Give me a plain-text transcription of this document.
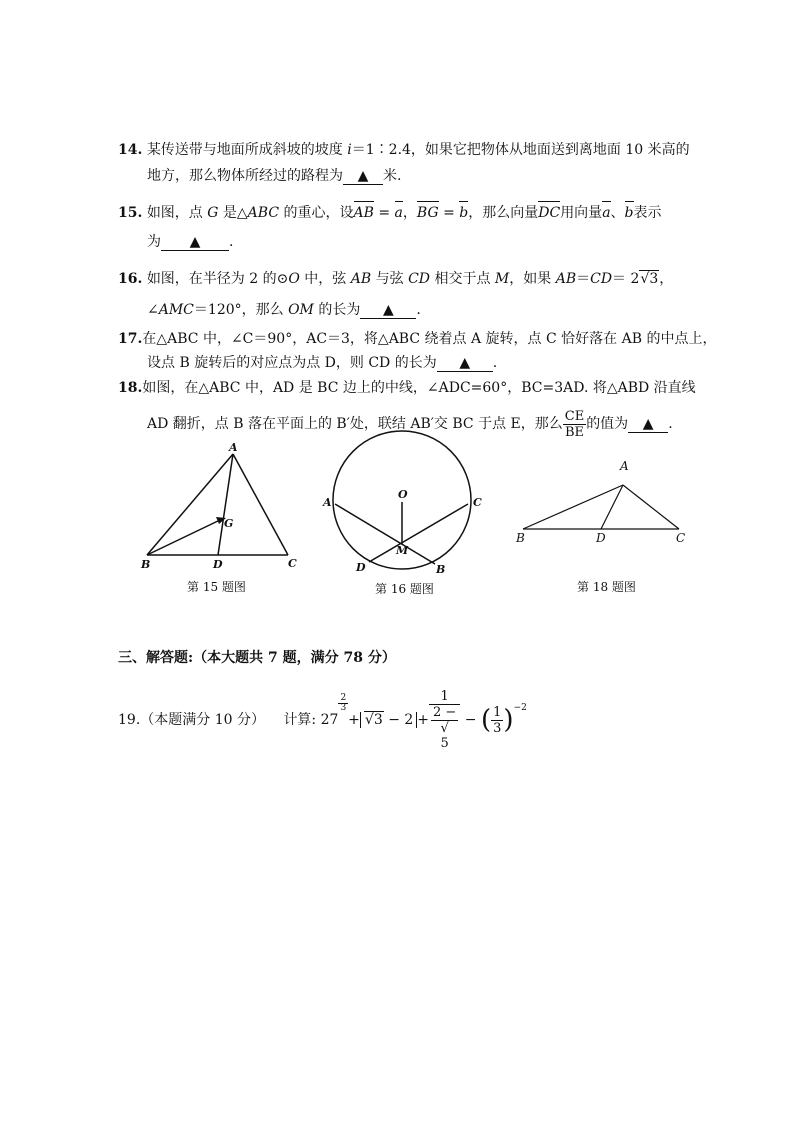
14. 某传送带与地面所成斜坡的坡度 i＝1∶2.4，如果它把物体从地面送到离地面 10 米高的
地方，那么物体所经过的路程为 ▲ 米.
15. 如图，点 G 是△ABC 的重心，设AB = a，BG = b，那么向量DC用向量a、b表示
为 ▲ .
16. 如图，在半径为 2 的⊙O 中，弦 AB 与弦 CD 相交于点 M，如果 AB＝CD＝ 2√3，
∠AMC＝120°，那么 OM 的长为 ▲ .
17.在△ABC 中，∠C＝90°，AC＝3，将△ABC 绕着点 A 旋转，点 C 恰好落在 AB 的中点上，
设点 B 旋转后的对应点为点 D，则 CD 的长为 ▲ .
18.如图，在△ABC 中，AD 是 BC 边上的中线，∠ADC=60°，BC=3AD. 将△ABD 沿直线
AD 翻折，点 B 落在平面上的 B′处，联结 AB′交 BC 于点 E，那么 $\frac{CE}{BE}$ 的值为 ▲ .
A
B	C
D
G
第 15 题图
A	C
O
M
D	B
第 16 题图
A
B	D	C
第 18 题图
三、解答题:（本大题共 7 题，满分 78 分）
19.（本题满分 10 分） 计算: 27
$\frac{2}{3}$
+ √3 − 2 + 1
2 −
√
5 − ( $\frac{1}{3} )^{-2}$
